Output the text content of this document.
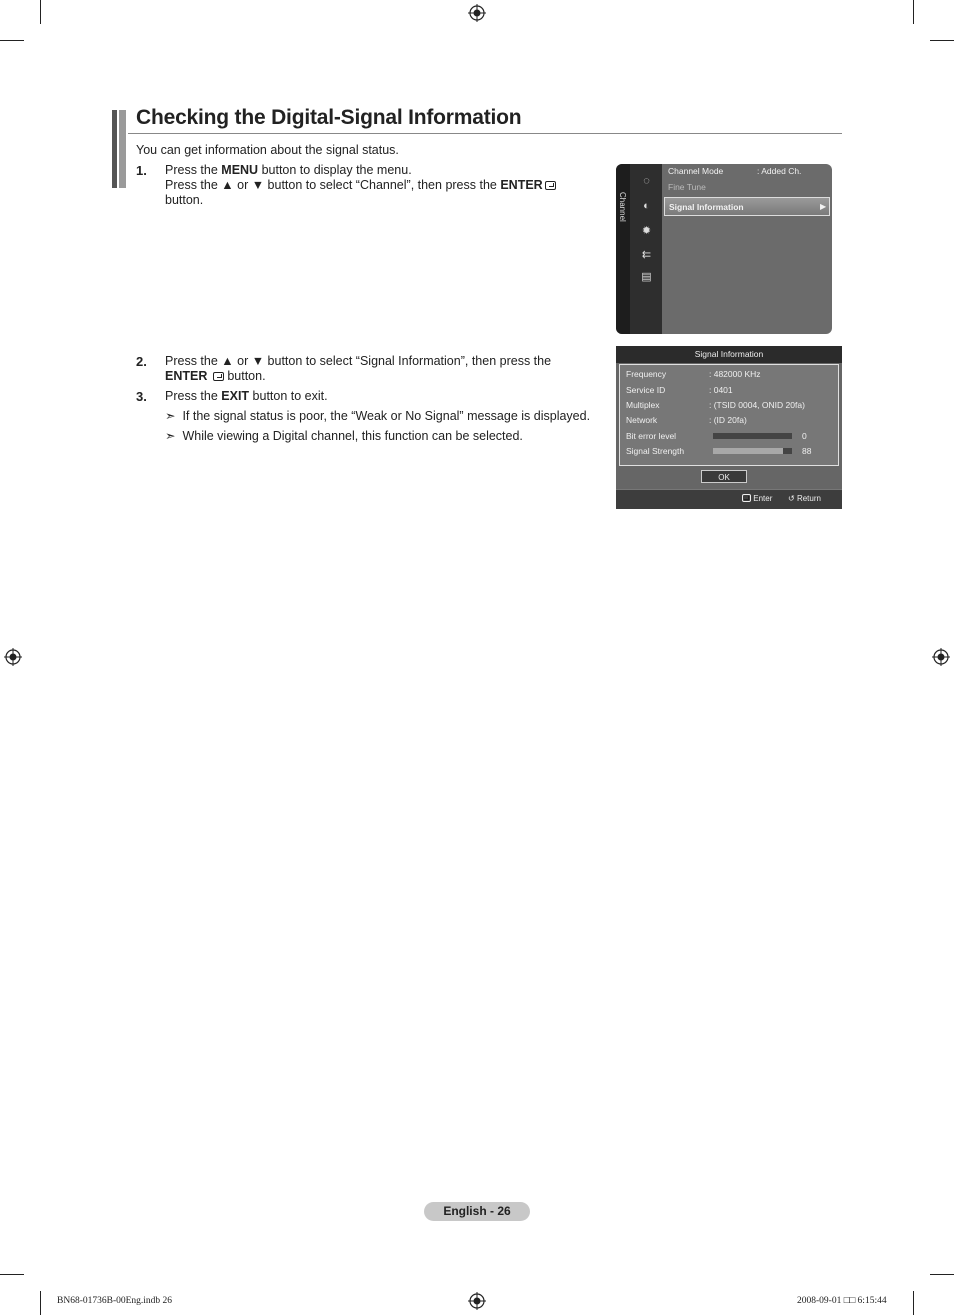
Checking the Digital-Signal Information
You can get information about the signal status.
1. Press the MENU button to display the menu.
Press the ▲ or ▼ button to select “Channel”, then press the ENTER
button.
2. Press the ▲ or ▼ button to select “Signal Information”, then press the
ENTER  button.
3. Press the EXIT button to exit.
➣ If the signal status is poor, the “Weak or No Signal” message is displayed.
➣ While viewing a Digital channel, this function can be selected.
Channel
◌
◐
✹
⇇
▤
Channel Mode	: Added Ch.
Fine Tune
Signal Information	▶
Signal Information
Frequency	: 482000 KHz
Service ID	: 0401
Multiplex	: (TSID 0004, ONID 20fa)
Network	: (ID 20fa)
Bit error level	0
Signal Strength	88
OK
Enter ↺ Return
English - 26
BN68-01736B-00Eng.indb 26	2008-09-01 □□ 6:15:44
